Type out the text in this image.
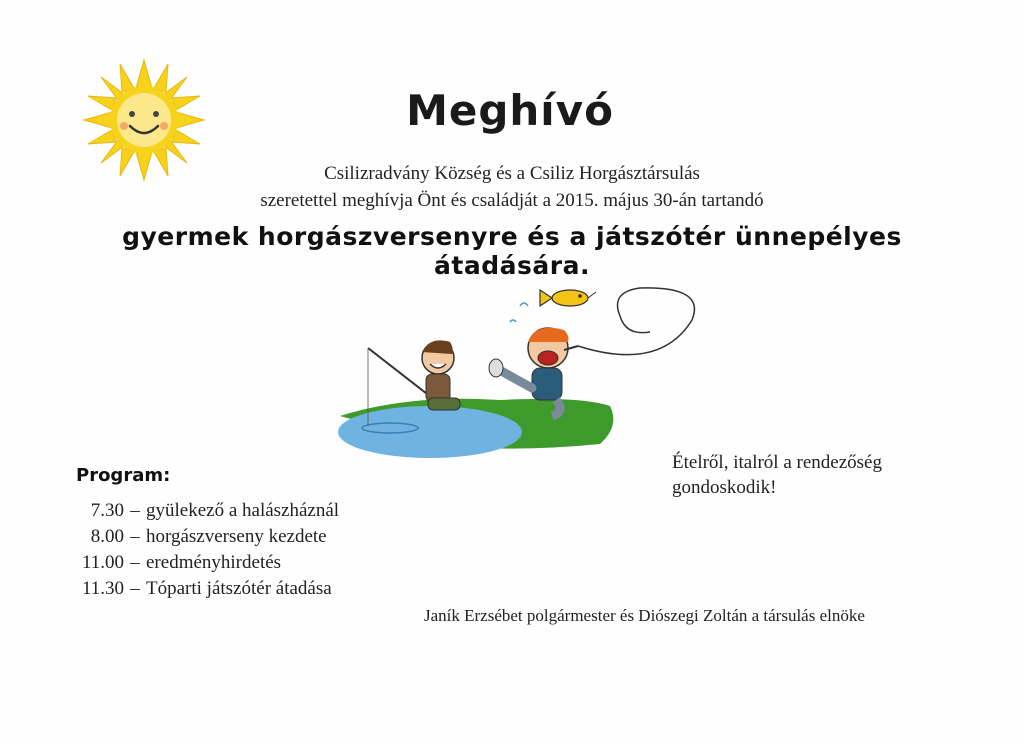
Meghívó
Csilizradvány Község és a Csiliz Horgásztársulás
szeretettel meghívja Önt és családját a 2015. május 30-án tartandó
gyermek horgászversenyre és a játszótér ünnepélyes átadására.
Ételről, italról a rendezőség
gondoskodik!
Program:
7.30 – gyülekező a halászháznál
8.00 – horgászverseny kezdete
11.00 – eredményhirdetés
11.30 – Tóparti játszótér átadása
Janík Erzsébet polgármester és Diószegi Zoltán a társulás elnöke
